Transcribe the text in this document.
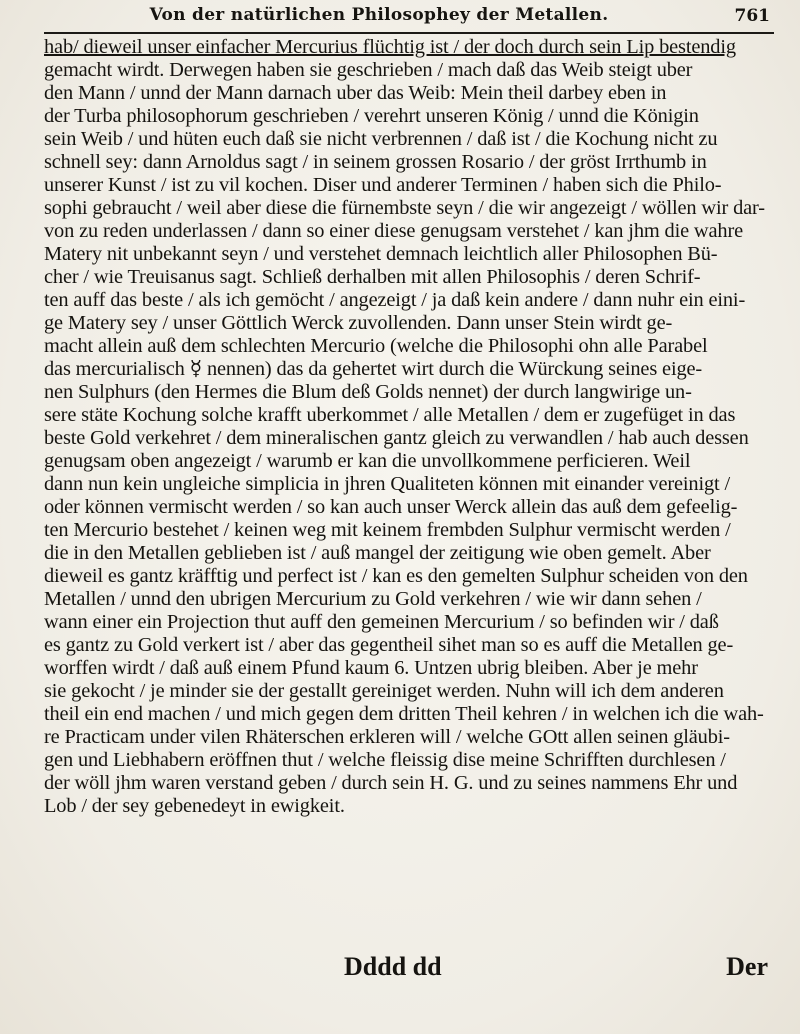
Von der natürlichen Philosophey der Metallen.	761
hab/ dieweil unser einfacher Mercurius flüchtig ist / der doch durch sein Lip bestendig
gemacht wirdt. Derwegen haben sie geschrieben / mach daß das Weib steigt uber
den Mann / unnd der Mann darnach uber das Weib: Mein theil darbey eben in
der Turba philosophorum geschrieben / verehrt unseren König / unnd die Königin
sein Weib / und hüten euch daß sie nicht verbrennen / daß ist / die Kochung nicht zu
schnell sey: dann Arnoldus sagt / in seinem grossen Rosario / der gröst Irrthumb in
unserer Kunst / ist zu vil kochen. Diser und anderer Terminen / haben sich die Philo-
sophi gebraucht / weil aber diese die fürnembste seyn / die wir angezeigt / wöllen wir dar-
von zu reden underlassen / dann so einer diese genugsam verstehet / kan jhm die wahre
Matery nit unbekannt seyn / und verstehet demnach leichtlich aller Philosophen Bü-
cher / wie Treuisanus sagt. Schließ derhalben mit allen Philosophis / deren Schrif-
ten auff das beste / als ich gemöcht / angezeigt / ja daß kein andere / dann nuhr ein eini-
ge Matery sey / unser Göttlich Werck zuvollenden. Dann unser Stein wirdt ge-
macht allein auß dem schlechten Mercurio (welche die Philosophi ohn alle Parabel
das mercurialisch ☿ nennen) das da gehertet wirt durch die Würckung seines eige-
nen Sulphurs (den Hermes die Blum deß Golds nennet) der durch langwirige un-
sere stäte Kochung solche krafft uberkommet / alle Metallen / dem er zugefüget in das
beste Gold verkehret / dem mineralischen gantz gleich zu verwandlen / hab auch dessen
genugsam oben angezeigt / warumb er kan die unvollkommene perficieren. Weil
dann nun kein ungleiche simplicia in jhren Qualiteten können mit einander vereinigt /
oder können vermischt werden / so kan auch unser Werck allein das auß dem gefeelig-
ten Mercurio bestehet / keinen weg mit keinem frembden Sulphur vermischt werden /
die in den Metallen geblieben ist / auß mangel der zeitigung wie oben gemelt. Aber
dieweil es gantz kräfftig und perfect ist / kan es den gemelten Sulphur scheiden von den
Metallen / unnd den ubrigen Mercurium zu Gold verkehren / wie wir dann sehen /
wann einer ein Projection thut auff den gemeinen Mercurium / so befinden wir / daß
es gantz zu Gold verkert ist / aber das gegentheil sihet man so es auff die Metallen ge-
worffen wirdt / daß auß einem Pfund kaum 6. Untzen ubrig bleiben. Aber je mehr
sie gekocht / je minder sie der gestallt gereiniget werden. Nuhn will ich dem anderen
theil ein end machen / und mich gegen dem dritten Theil kehren / in welchen ich die wah-
re Practicam under vilen Rhäterschen erkleren will / welche GOtt allen seinen gläubi-
gen und Liebhabern eröffnen thut / welche fleissig dise meine Schrifften durchlesen /
der wöll jhm waren verstand geben / durch sein H. G. und zu seines nammens Ehr und
Lob / der sey gebenedeyt in ewigkeit.
Dddd dd	Der
